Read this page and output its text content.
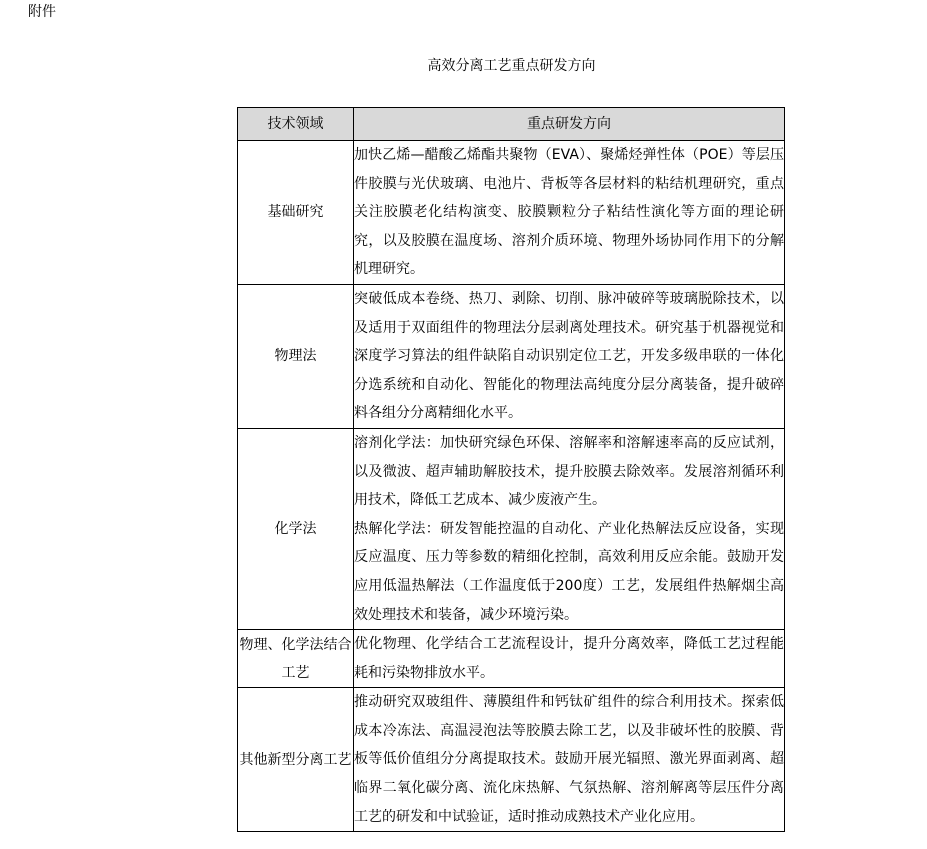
附件
高效分离工艺重点研发方向
技术领域	重点研发方向
基础研究	加快乙烯—醋酸乙烯酯共聚物（EVA）、聚烯烃弹性体（POE）等层压件胶膜与光伏玻璃、电池片、背板等各层材料的粘结机理研究，重点关注胶膜老化结构演变、胶膜颗粒分子粘结性演化等方面的理论研究，以及胶膜在温度场、溶剂介质环境、物理外场协同作用下的分解机理研究。

物理法	突破低成本卷绕、热刀、剥除、切削、脉冲破碎等玻璃脱除技术，以及适用于双面组件的物理法分层剥离处理技术。研究基于机器视觉和深度学习算法的组件缺陷自动识别定位工艺，开发多级串联的一体化分选系统和自动化、智能化的物理法高纯度分层分离装备，提升破碎料各组分分离精细化水平。

化学法	溶剂化学法：加快研究绿色环保、溶解率和溶解速率高的反应试剂，以及微波、超声辅助解胶技术，提升胶膜去除效率。发展溶剂循环利用技术，降低工艺成本、减少废液产生。
热解化学法：研发智能控温的自动化、产业化热解法反应设备，实现反应温度、压力等参数的精细化控制，高效利用反应余能。鼓励开发应用低温热解法（工作温度低于200度）工艺，发展组件热解烟尘高效处理技术和装备，减少环境污染。

物理、化学法结合工艺	优化物理、化学结合工艺流程设计，提升分离效率，降低工艺过程能耗和污染物排放水平。

其他新型分离工艺	推动研究双玻组件、薄膜组件和钙钛矿组件的综合利用技术。探索低成本冷冻法、高温浸泡法等胶膜去除工艺，以及非破坏性的胶膜、背板等低价值组分分离提取技术。鼓励开展光辐照、激光界面剥离、超临界二氧化碳分离、流化床热解、气氛热解、溶剂解离等层压件分离工艺的研发和中试验证，适时推动成熟技术产业化应用。
